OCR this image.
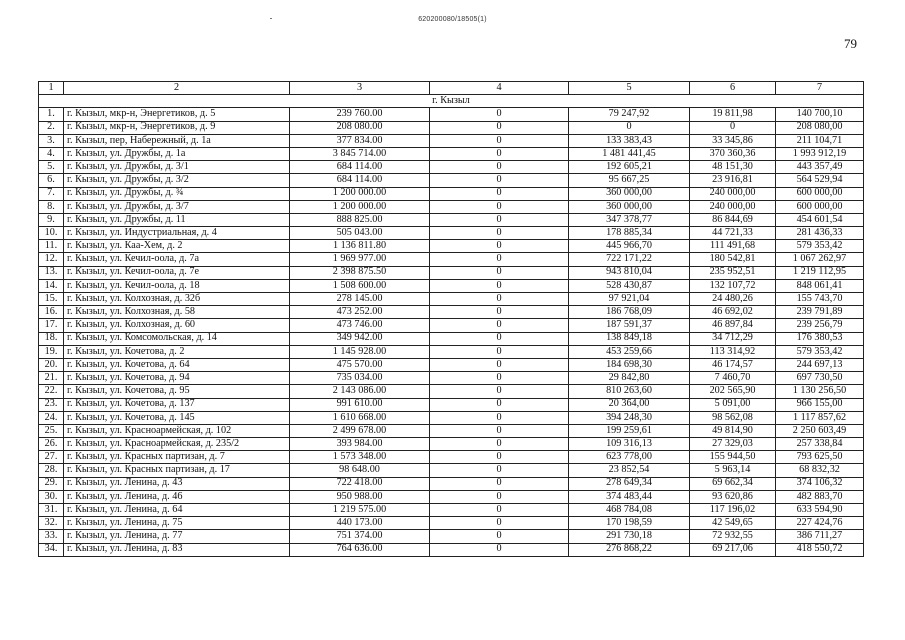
620200080/18505(1)
79
1	2	3	4	5	6	7
г. Кызыл						
1.	г. Кызыл, мкр-н, Энергетиков, д. 5	239 760.00	0	79 247,92	19 811,98	140 700,10
2.	г. Кызыл, мкр-н, Энергетиков, д. 9	208 080.00	0	0	0	208 080,00
3.	г. Кызыл, пер, Набережный, д. 1а	377 834.00	0	133 383,43	33 345,86	211 104,71
4.	г. Кызыл, ул. Дружбы, д. 1а	3 845 714.00	0	1 481 441,45	370 360,36	1 993 912,19
5.	г. Кызыл, ул. Дружбы, д. 3/1	684 114.00	0	192 605,21	48 151,30	443 357,49
6.	г. Кызыл, ул. Дружбы, д. 3/2	684 114.00	0	95 667,25	23 916,81	564 529,94
7.	г. Кызыл, ул. Дружбы, д. ¾	1 200 000.00	0	360 000,00	240 000,00	600 000,00
8.	г. Кызыл, ул. Дружбы, д. 3/7	1 200 000.00	0	360 000,00	240 000,00	600 000,00
9.	г. Кызыл, ул. Дружбы, д. 11	888 825.00	0	347 378,77	86 844,69	454 601,54
10.	г. Кызыл, ул. Индустриальная, д. 4	505 043.00	0	178 885,34	44 721,33	281 436,33
11.	г. Кызыл, ул. Каа-Хем, д. 2	1 136 811.80	0	445 966,70	111 491,68	579 353,42
12.	г. Кызыл, ул. Кечил-оола, д. 7а	1 969 977.00	0	722 171,22	180 542,81	1 067 262,97
13.	г. Кызыл, ул. Кечил-оола, д. 7е	2 398 875.50	0	943 810,04	235 952,51	1 219 112,95
14.	г. Кызыл, ул. Кечил-оола, д. 18	1 508 600.00	0	528 430,87	132 107,72	848 061,41
15.	г. Кызыл, ул. Колхозная, д. 32б	278 145.00	0	97 921,04	24 480,26	155 743,70
16.	г. Кызыл, ул. Колхозная, д. 58	473 252.00	0	186 768,09	46 692,02	239 791,89
17.	г. Кызыл, ул. Колхозная, д. 60	473 746.00	0	187 591,37	46 897,84	239 256,79
18.	г. Кызыл, ул. Комсомольская, д. 14	349 942.00	0	138 849,18	34 712,29	176 380,53
19.	г. Кызыл, ул. Кочетова, д. 2	1 145 928.00	0	453 259,66	113 314,92	579 353,42
20.	г. Кызыл, ул. Кочетова, д. 64	475 570.00	0	184 698,30	46 174,57	244 697,13
21.	г. Кызыл, ул. Кочетова, д. 94	735 034.00	0	29 842,80	7 460,70	697 730,50
22.	г. Кызыл, ул. Кочетова, д. 95	2 143 086.00	0	810 263,60	202 565,90	1 130 256,50
23.	г. Кызыл, ул. Кочетова, д. 137	991 610.00	0	20 364,00	5 091,00	966 155,00
24.	г. Кызыл, ул. Кочетова, д. 145	1 610 668.00	0	394 248,30	98 562,08	1 117 857,62
25.	г. Кызыл, ул. Красноармейская, д. 102	2 499 678.00	0	199 259,61	49 814,90	2 250 603,49
26.	г. Кызыл, ул. Красноармейская, д. 235/2	393 984.00	0	109 316,13	27 329,03	257 338,84
27.	г. Кызыл, ул. Красных партизан, д. 7	1 573 348.00	0	623 778,00	155 944,50	793 625,50
28.	г. Кызыл, ул. Красных партизан, д. 17	98 648.00	0	23 852,54	5 963,14	68 832,32
29.	г. Кызыл, ул. Ленина, д. 43	722 418.00	0	278 649,34	69 662,34	374 106,32
30.	г. Кызыл, ул. Ленина, д. 46	950 988.00	0	374 483,44	93 620,86	482 883,70
31.	г. Кызыл, ул. Ленина, д. 64	1 219 575.00	0	468 784,08	117 196,02	633 594,90
32.	г. Кызыл, ул. Ленина, д. 75	440 173.00	0	170 198,59	42 549,65	227 424,76
33.	г. Кызыл, ул. Ленина, д. 77	751 374.00	0	291 730,18	72 932,55	386 711,27
34.	г. Кызыл, ул. Ленина, д. 83	764 636.00	0	276 868,22	69 217,06	418 550,72
